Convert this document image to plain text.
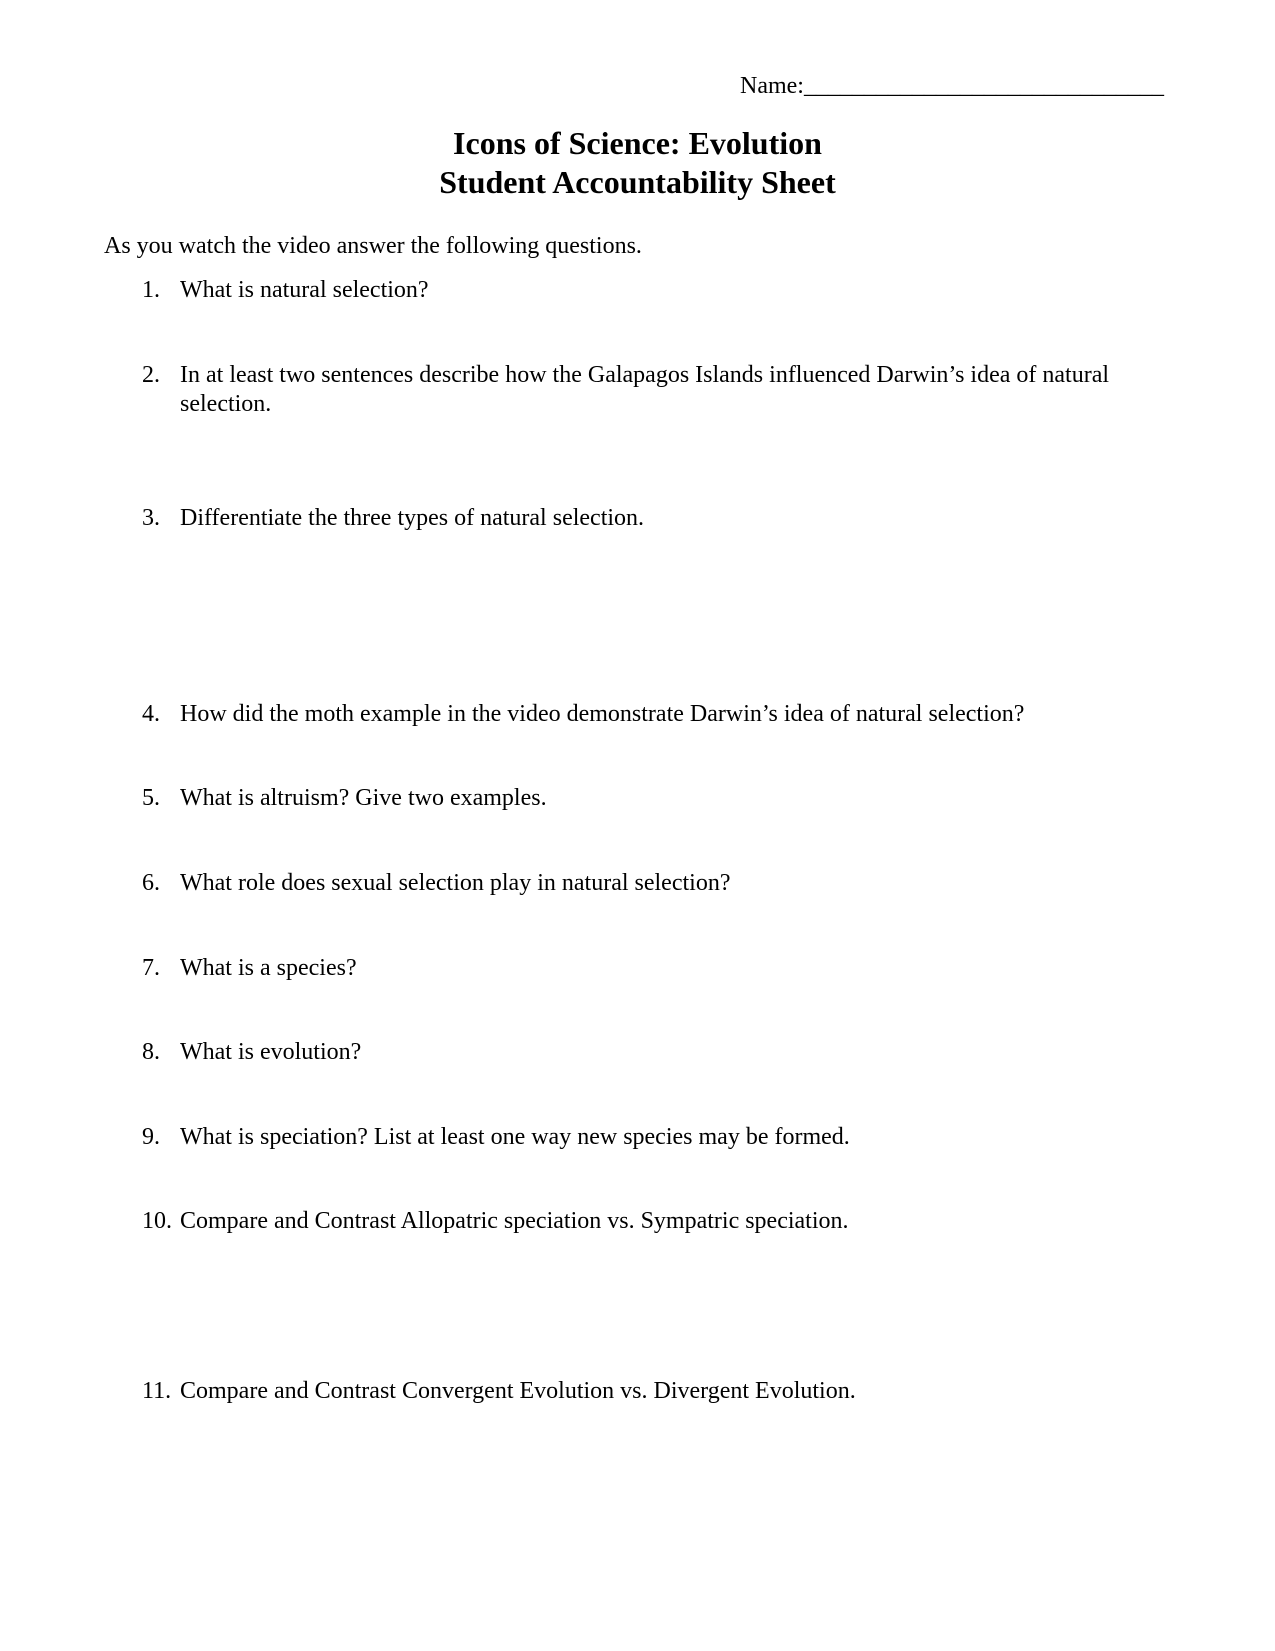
Name:______________________________
Icons of Science: Evolution
Student Accountability Sheet
As you watch the video answer the following questions.
1. What is natural selection?
2. In at least two sentences describe how the Galapagos Islands influenced Darwin’s idea of natural selection.
3. Differentiate the three types of natural selection.
4. How did the moth example in the video demonstrate Darwin’s idea of natural selection?
5. What is altruism? Give two examples.
6. What role does sexual selection play in natural selection?
7. What is a species?
8. What is evolution?
9. What is speciation? List at least one way new species may be formed.
10. Compare and Contrast Allopatric speciation vs. Sympatric speciation.
11. Compare and Contrast Convergent Evolution vs. Divergent Evolution.
